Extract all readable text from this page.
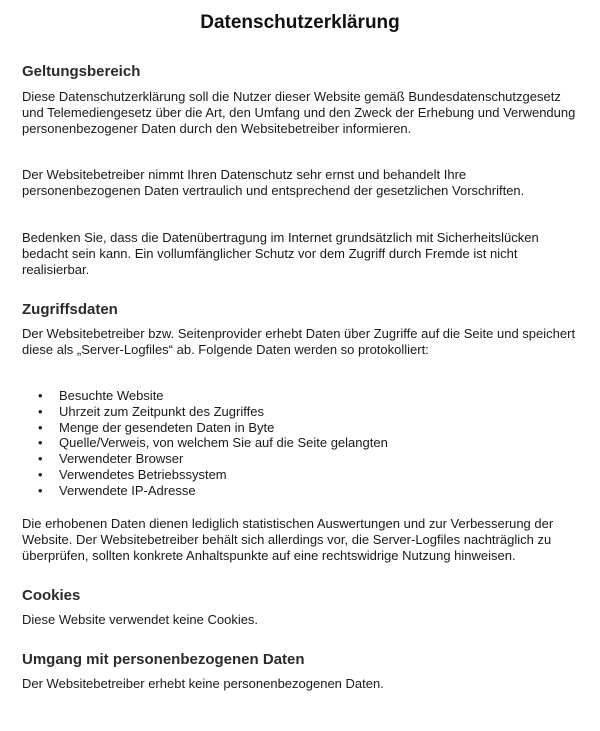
Datenschutzerklärung
Geltungsbereich

Diese Datenschutzerklärung soll die Nutzer dieser Website gemäß Bundesdatenschutzgesetz und Telemediengesetz über die Art, den Umfang und den Zweck der Erhebung und Verwendung personenbezogener Daten durch den Websitebetreiber informieren.

Der Websitebetreiber nimmt Ihren Datenschutz sehr ernst und behandelt Ihre personenbezogenen Daten vertraulich und entsprechend der gesetzlichen Vorschriften.

Bedenken Sie, dass die Datenübertragung im Internet grundsätzlich mit Sicherheitslücken bedacht sein kann. Ein vollumfänglicher Schutz vor dem Zugriff durch Fremde ist nicht realisierbar.

Zugriffsdaten

Der Websitebetreiber bzw. Seitenprovider erhebt Daten über Zugriffe auf die Seite und speichert diese als „Server-Logfiles“ ab. Folgende Daten werden so protokolliert:

• Besuchte Website
• Uhrzeit zum Zeitpunkt des Zugriffes
• Menge der gesendeten Daten in Byte
• Quelle/Verweis, von welchem Sie auf die Seite gelangten
• Verwendeter Browser
• Verwendetes Betriebssystem
• Verwendete IP-Adresse

Die erhobenen Daten dienen lediglich statistischen Auswertungen und zur Verbesserung der Website. Der Websitebetreiber behält sich allerdings vor, die Server-Logfiles nachträglich zu überprüfen, sollten konkrete Anhaltspunkte auf eine rechtswidrige Nutzung hinweisen.

Cookies

Diese Website verwendet keine Cookies.

Umgang mit personenbezogenen Daten

Der Websitebetreiber erhebt keine personenbezogenen Daten.
